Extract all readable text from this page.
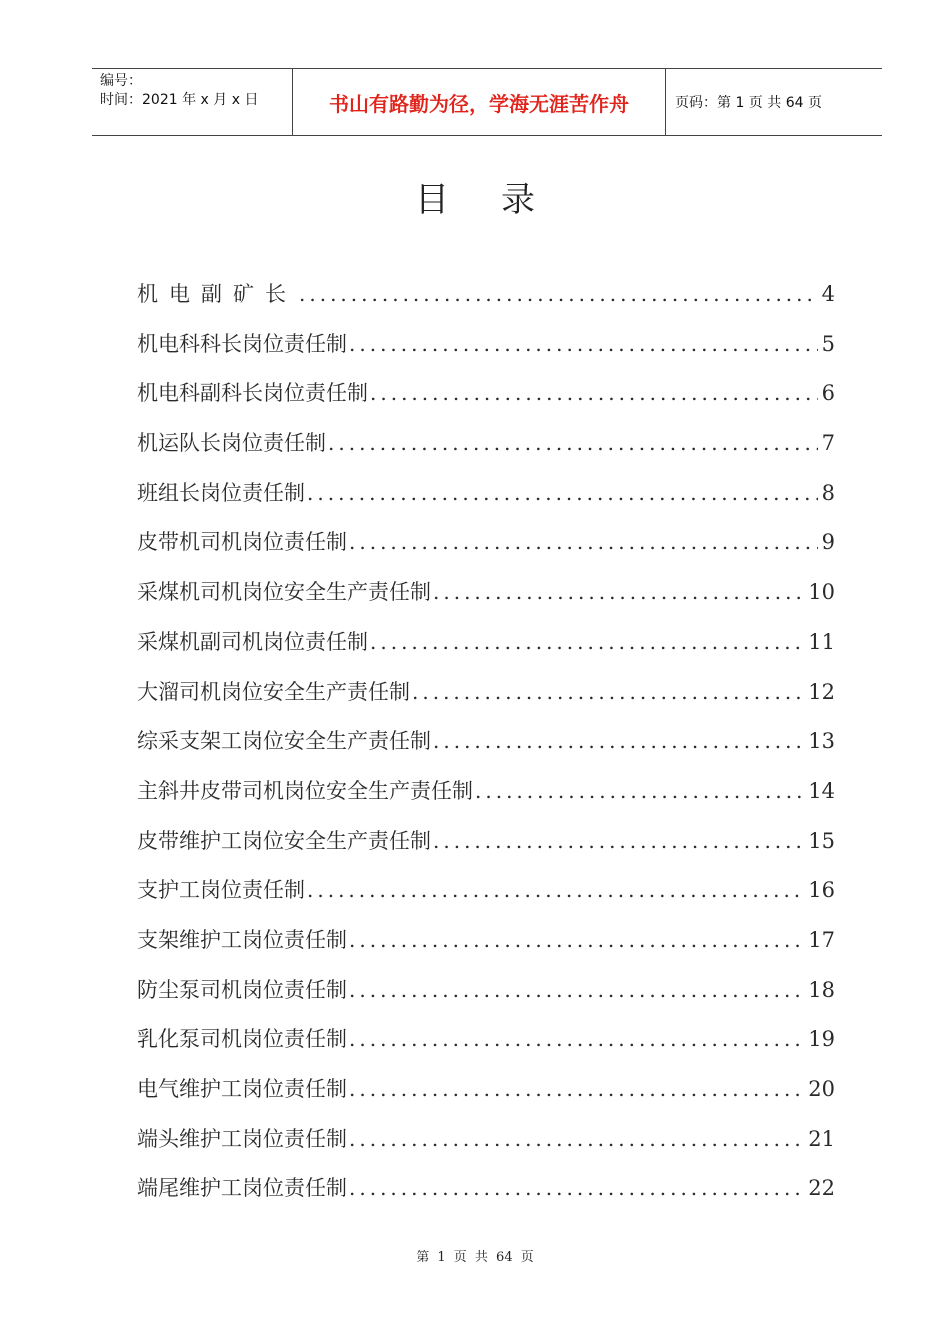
编号：
时间：2021 年 x 月 x 日	书山有路勤为径，学海无涯苦作舟	页码：第 1 页 共 64 页
目录
机电副矿长 .....	4
机电科科长岗位责任制 .....	5
机电科副科长岗位责任制 .....	6
机运队长岗位责任制 .....	7
班组长岗位责任制 .....	8
皮带机司机岗位责任制 .....	9
采煤机司机岗位安全生产责任制 .....	10
采煤机副司机岗位责任制 .....	11
大溜司机岗位安全生产责任制 .....	12
综采支架工岗位安全生产责任制 .....	13
主斜井皮带司机岗位安全生产责任制 .....	14
皮带维护工岗位安全生产责任制 .....	15
支护工岗位责任制 .....	16
支架维护工岗位责任制 .....	17
防尘泵司机岗位责任制 .....	18
乳化泵司机岗位责任制 .....	19
电气维护工岗位责任制 .....	20
端头维护工岗位责任制 .....	21
端尾维护工岗位责任制 .....	22
第 1 页 共 64 页
